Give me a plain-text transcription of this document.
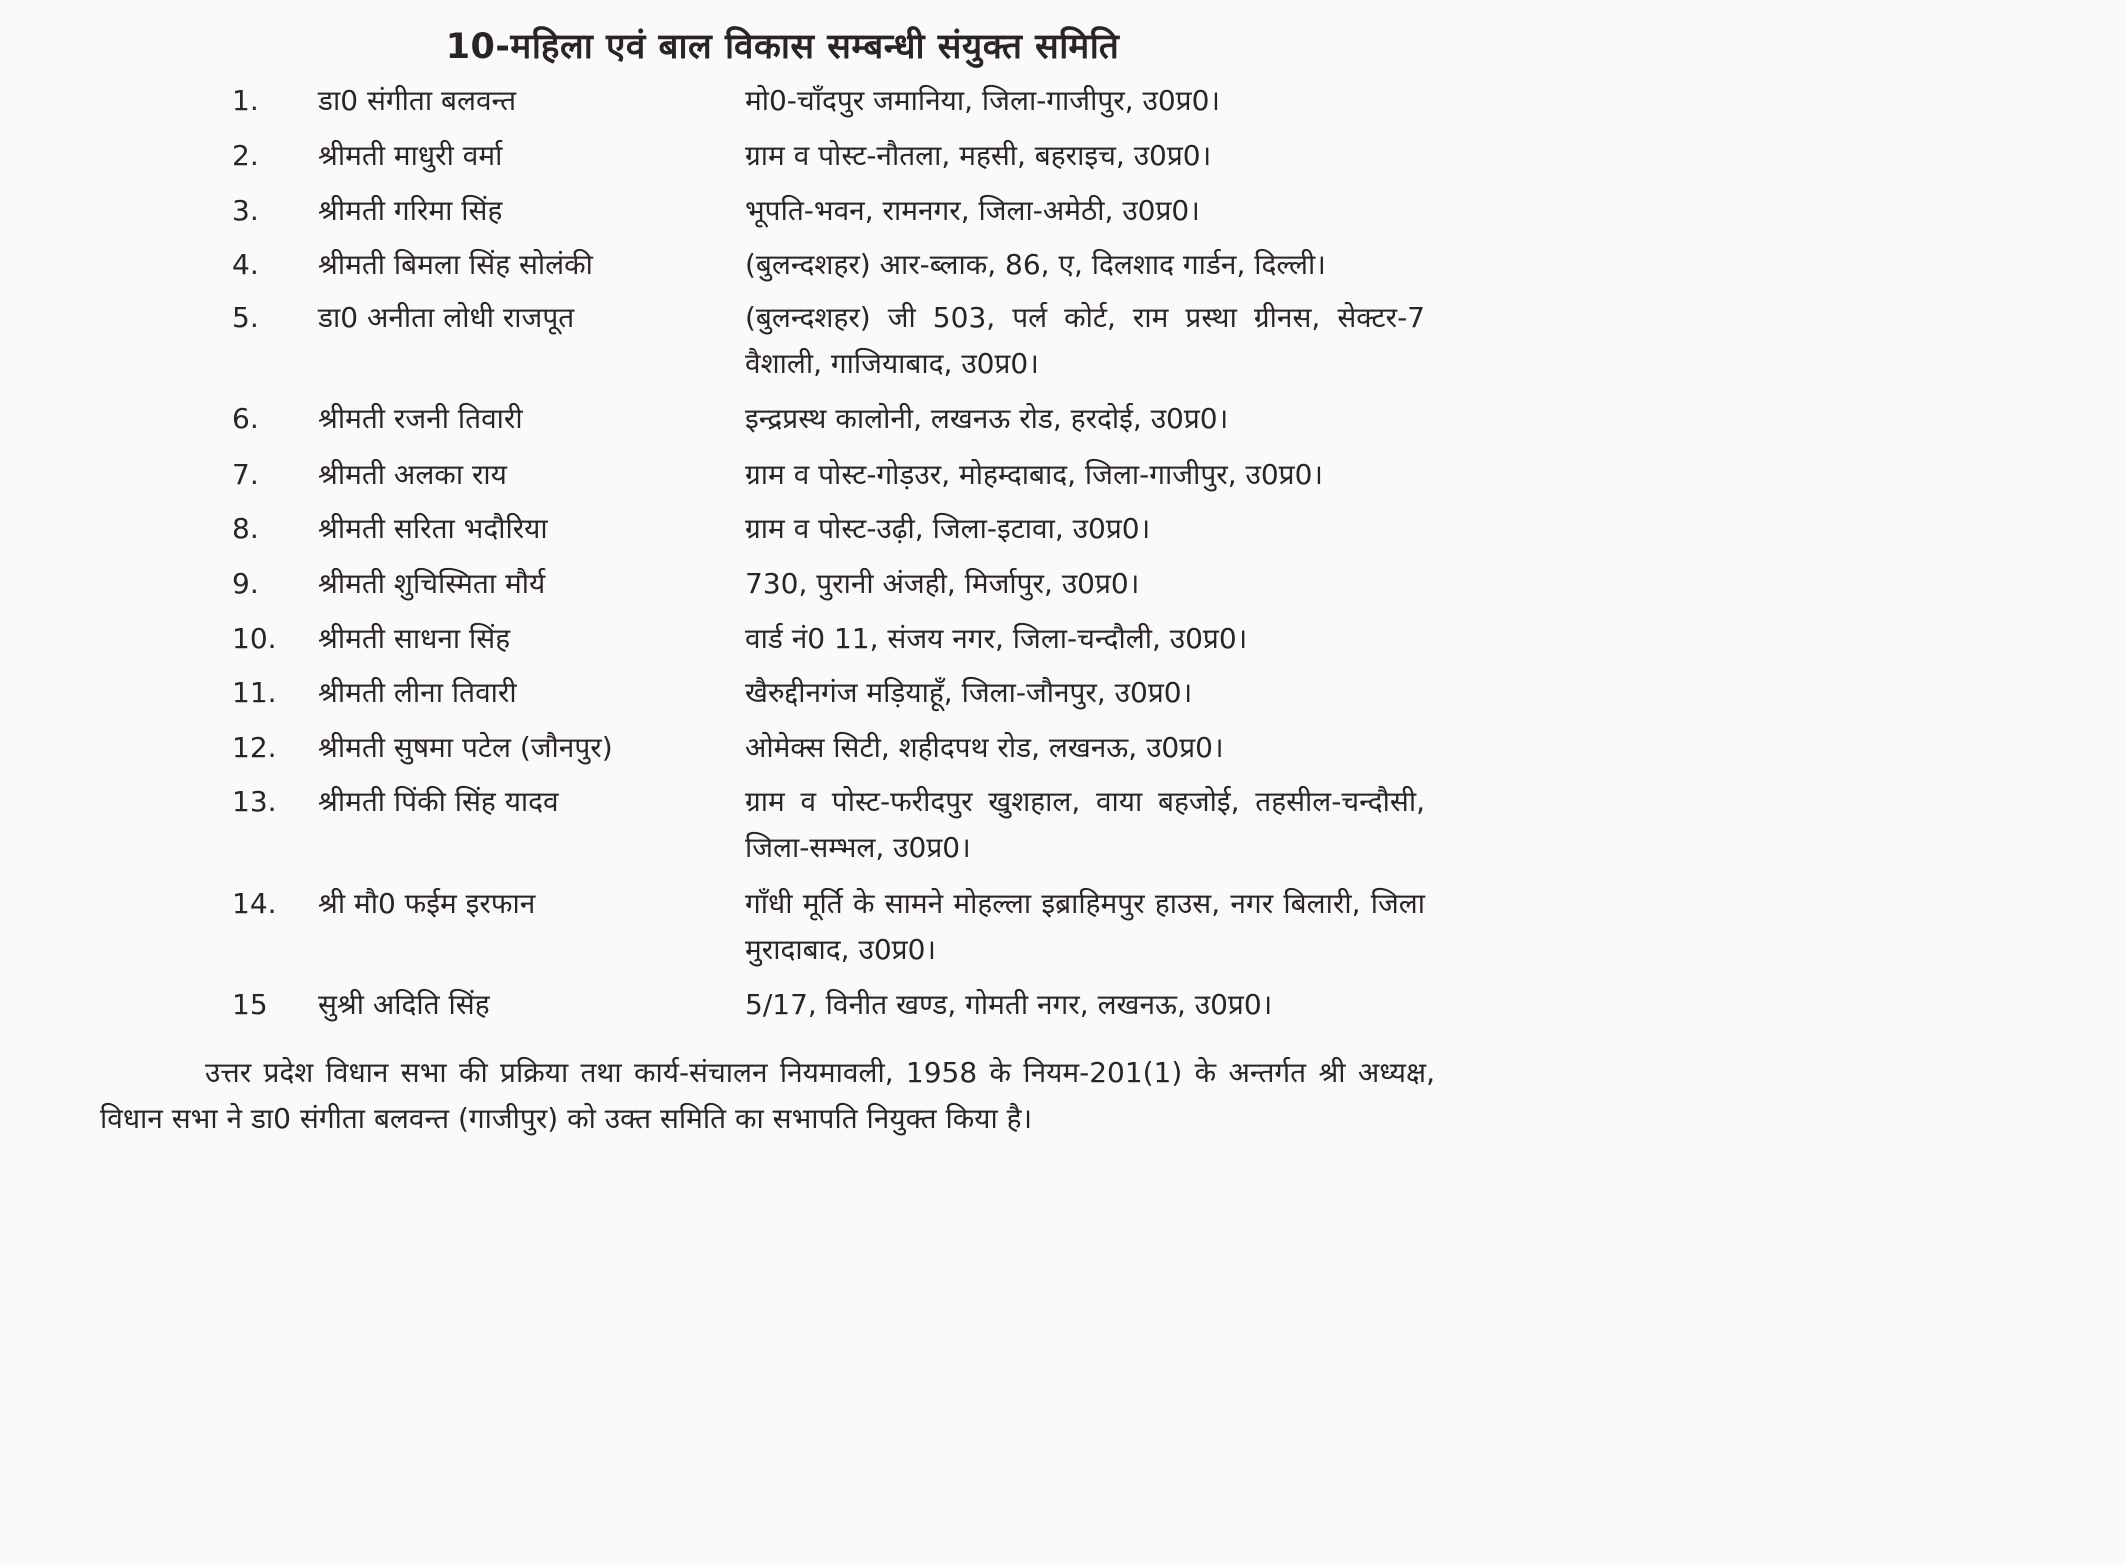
10-महिला एवं बाल विकास सम्बन्धी संयुक्त समिति
1.	डा0 संगीता बलवन्त	मो0-चाँदपुर जमानिया, जिला-गाजीपुर, उ0प्र0।
2.	श्रीमती माधुरी वर्मा	ग्राम व पोस्ट-नौतला, महसी, बहराइच, उ0प्र0।
3.	श्रीमती गरिमा सिंह	भूपति-भवन, रामनगर, जिला-अमेठी, उ0प्र0।
4.	श्रीमती बिमला सिंह सोलंकी	(बुलन्दशहर) आर-ब्लाक, 86, ए, दिलशाद गार्डन, दिल्ली।
5.	डा0 अनीता लोधी राजपूत	(बुलन्दशहर) जी 503, पर्ल कोर्ट, राम प्रस्था ग्रीनस, सेक्टर-7 वैशाली, गाजियाबाद, उ0प्र0।
6.	श्रीमती रजनी तिवारी	इन्द्रप्रस्थ कालोनी, लखनऊ रोड, हरदोई, उ0प्र0।
7.	श्रीमती अलका राय	ग्राम व पोस्ट-गोड़उर, मोहम्दाबाद, जिला-गाजीपुर, उ0प्र0।
8.	श्रीमती सरिता भदौरिया	ग्राम व पोस्ट-उढ़ी, जिला-इटावा, उ0प्र0।
9.	श्रीमती शुचिस्मिता मौर्य	730, पुरानी अंजही, मिर्जापुर, उ0प्र0।
10.	श्रीमती साधना सिंह	वार्ड नं0 11, संजय नगर, जिला-चन्दौली, उ0प्र0।
11.	श्रीमती लीना तिवारी	खैरुद्दीनगंज मड़ियाहूँ, जिला-जौनपुर, उ0प्र0।
12.	श्रीमती सुषमा पटेल (जौनपुर)	ओमेक्स सिटी, शहीदपथ रोड, लखनऊ, उ0प्र0।
13.	श्रीमती पिंकी सिंह यादव	ग्राम व पोस्ट-फरीदपुर खुशहाल, वाया बहजोई, तहसील-चन्दौसी, जिला-सम्भल, उ0प्र0।
14.	श्री मौ0 फईम इरफान	गाँधी मूर्ति के सामने मोहल्ला इब्राहिमपुर हाउस, नगर बिलारी, जिला मुरादाबाद, उ0प्र0।
15	सुश्री अदिति सिंह	5/17, विनीत खण्ड, गोमती नगर, लखनऊ, उ0प्र0।
उत्तर प्रदेश विधान सभा की प्रक्रिया तथा कार्य-संचालन नियमावली, 1958 के नियम-201(1) के अन्तर्गत श्री अध्यक्ष, विधान सभा ने डा0 संगीता बलवन्त (गाजीपुर) को उक्त समिति का सभापति नियुक्त किया है।
